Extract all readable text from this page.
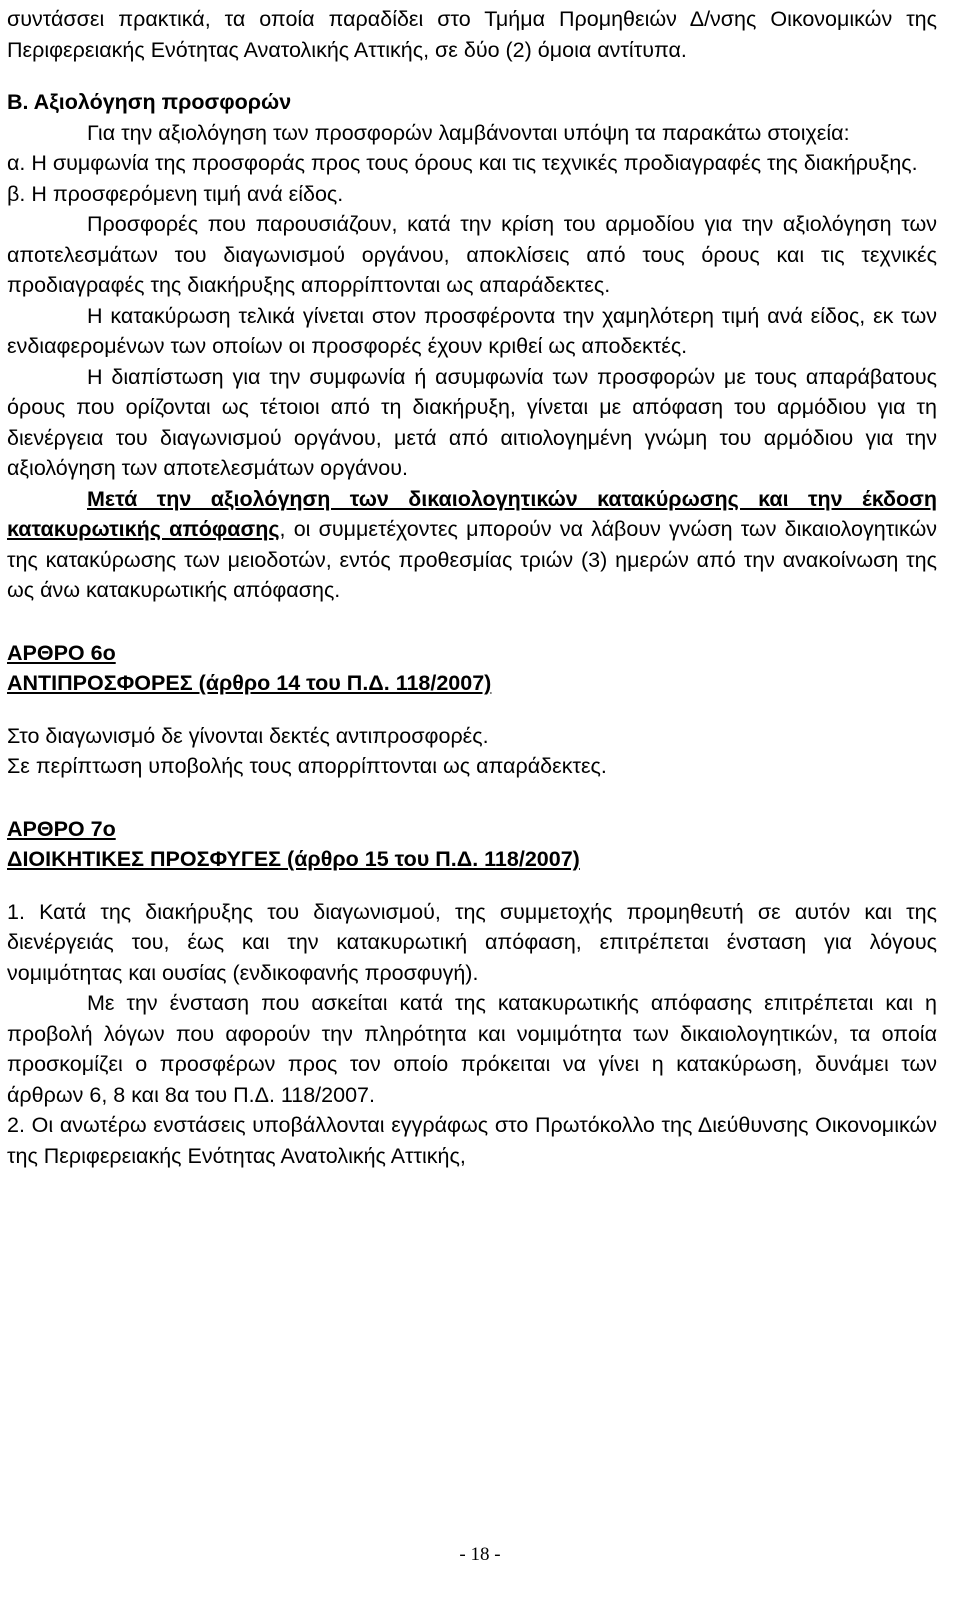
συντάσσει πρακτικά, τα οποία παραδίδει στο Τμήμα Προμηθειών Δ/νσης Οικονομικών της Περιφερειακής Ενότητας Ανατολικής Αττικής, σε δύο (2) όμοια αντίτυπα.

Β. Αξιολόγηση προσφορών

Για την αξιολόγηση των προσφορών λαμβάνονται υπόψη τα παρακάτω στοιχεία:

α. Η συμφωνία της προσφοράς προς τους όρους και τις τεχνικές προδιαγραφές της διακήρυξης.

β. Η προσφερόμενη τιμή ανά είδος.

Προσφορές που παρουσιάζουν, κατά την κρίση του αρμοδίου για την αξιολόγηση των αποτελεσμάτων του διαγωνισμού οργάνου, αποκλίσεις από τους όρους και τις τεχνικές προδιαγραφές της διακήρυξης απορρίπτονται ως απαράδεκτες.

Η κατακύρωση τελικά γίνεται στον προσφέροντα την χαμηλότερη τιμή ανά είδος, εκ των ενδιαφερομένων των οποίων οι προσφορές έχουν κριθεί ως αποδεκτές.

Η διαπίστωση για την συμφωνία ή ασυμφωνία των προσφορών με τους απαράβατους όρους που ορίζονται ως τέτοιοι από τη διακήρυξη, γίνεται με απόφαση του αρμόδιου για τη διενέργεια του διαγωνισμού οργάνου, μετά από αιτιολογημένη γνώμη του αρμόδιου για την αξιολόγηση των αποτελεσμάτων οργάνου.

Μετά την αξιολόγηση των δικαιολογητικών κατακύρωσης και την έκδοση κατακυρωτικής απόφασης, οι συμμετέχοντες μπορούν να λάβουν γνώση των δικαιολογητικών της κατακύρωσης των μειοδοτών, εντός προθεσμίας τριών (3) ημερών από την ανακοίνωση της ως άνω κατακυρωτικής απόφασης.

ΑΡΘΡΟ 6ο

ΑΝΤΙΠΡΟΣΦΟΡΕΣ (άρθρο 14 του Π.Δ. 118/2007)

Στο διαγωνισμό δε γίνονται δεκτές αντιπροσφορές.

Σε περίπτωση υποβολής τους απορρίπτονται ως απαράδεκτες.

ΑΡΘΡΟ 7ο

ΔΙΟΙΚΗΤΙΚΕΣ ΠΡΟΣΦΥΓΕΣ (άρθρο 15 του Π.Δ. 118/2007)

1. Κατά της διακήρυξης του διαγωνισμού, της συμμετοχής προμηθευτή σε αυτόν και της διενέργειάς του, έως και την κατακυρωτική απόφαση, επιτρέπεται ένσταση για λόγους νομιμότητας και ουσίας (ενδικοφανής προσφυγή).

Με την ένσταση που ασκείται κατά της κατακυρωτικής απόφασης επιτρέπεται και η προβολή λόγων που αφορούν την πληρότητα και νομιμότητα των δικαιολογητικών, τα οποία προσκομίζει ο προσφέρων προς τον οποίο πρόκειται να γίνει η κατακύρωση, δυνάμει των άρθρων 6, 8 και 8α του Π.Δ. 118/2007.

2. Οι ανωτέρω ενστάσεις υποβάλλονται εγγράφως στο Πρωτόκολλο της Διεύθυνσης Οικονομικών της Περιφερειακής Ενότητας Ανατολικής Αττικής,

- 18 -
